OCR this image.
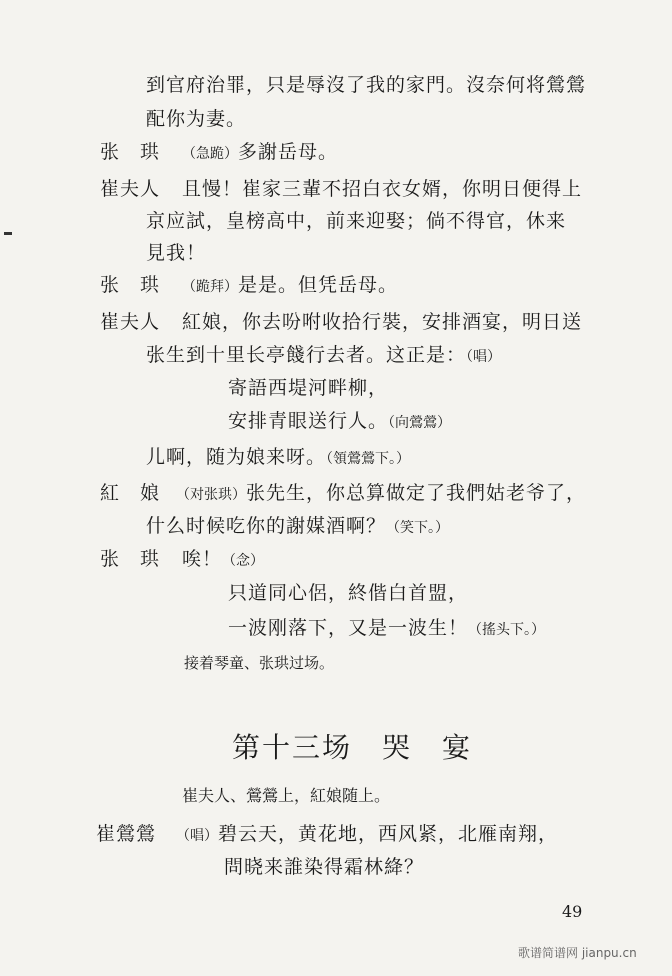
到官府治罪，只是辱沒了我的家門。沒奈何将鶯鶯
配你为妻。
张　珙 （急跪）多謝岳母。
崔夫人 且慢！崔家三輩不招白衣女婿，你明日便得上
京应試，皇榜高中，前来迎娶；倘不得官，休来
見我！
张　珙 （跪拜）是是。但凭岳母。
崔夫人 紅娘，你去吩咐收拾行裝，安排酒宴，明日送
张生到十里长亭餞行去者。这正是：（唱）
寄語西堤河畔柳，
安排青眼送行人。（向鶯鶯）
儿啊，随为娘来呀。（領鶯鶯下。）
紅　娘 （对张珙）张先生，你总算做定了我們姑老爷了，
什么时候吃你的謝媒酒啊？（笑下。）
张　珙 唉！（念）
只道同心侶，終偕白首盟，
一波刚落下，又是一波生！（搖头下。）
接着琴童、张珙过场。
第十三场 哭　宴
崔夫人、鶯鶯上，紅娘随上。
崔鶯鶯 （唱）碧云天，黄花地，西风紧，北雁南翔，
問晓来誰染得霜林絳？
49
歌谱简谱网 jianpu.cn
